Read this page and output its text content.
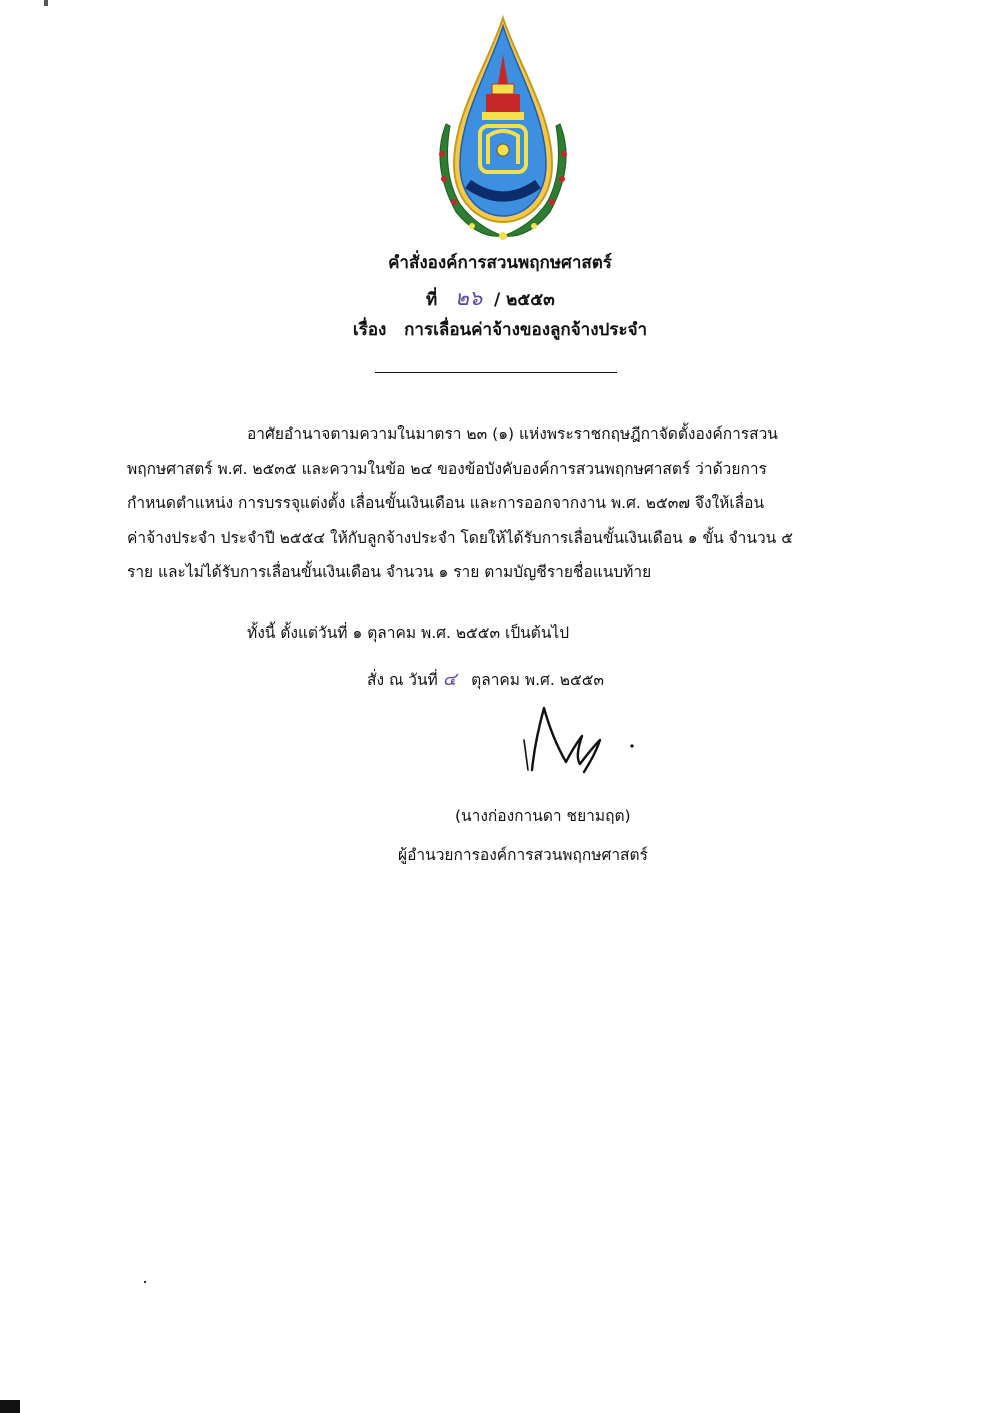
คำสั่งองค์การสวนพฤกษศาสตร์
ที่ ๒๖ / ๒๕๕๓
เรื่อง การเลื่อนค่าจ้างของลูกจ้างประจำ
อาศัยอำนาจตามความในมาตรา ๒๓ (๑) แห่งพระราชกฤษฎีกาจัดตั้งองค์การสวน
พฤกษศาสตร์ พ.ศ. ๒๕๓๕ และความในข้อ ๒๔ ของข้อบังคับองค์การสวนพฤกษศาสตร์ ว่าด้วยการ
กำหนดตำแหน่ง การบรรจุแต่งตั้ง เลื่อนขั้นเงินเดือน และการออกจากงาน พ.ศ. ๒๕๓๗ จึงให้เลื่อน
ค่าจ้างประจำ ประจำปี ๒๕๕๔ ให้กับลูกจ้างประจำ โดยให้ได้รับการเลื่อนขั้นเงินเดือน ๑ ขั้น จำนวน ๕
ราย และไม่ได้รับการเลื่อนขั้นเงินเดือน จำนวน ๑ ราย ตามบัญชีรายชื่อแนบท้าย
ทั้งนี้ ตั้งแต่วันที่ ๑ ตุลาคม พ.ศ. ๒๕๕๓ เป็นต้นไป
สั่ง ณ วันที่ ๔ ตุลาคม พ.ศ. ๒๕๕๓
(นางก่องกานดา ชยามฤต)
ผู้อำนวยการองค์การสวนพฤกษศาสตร์
